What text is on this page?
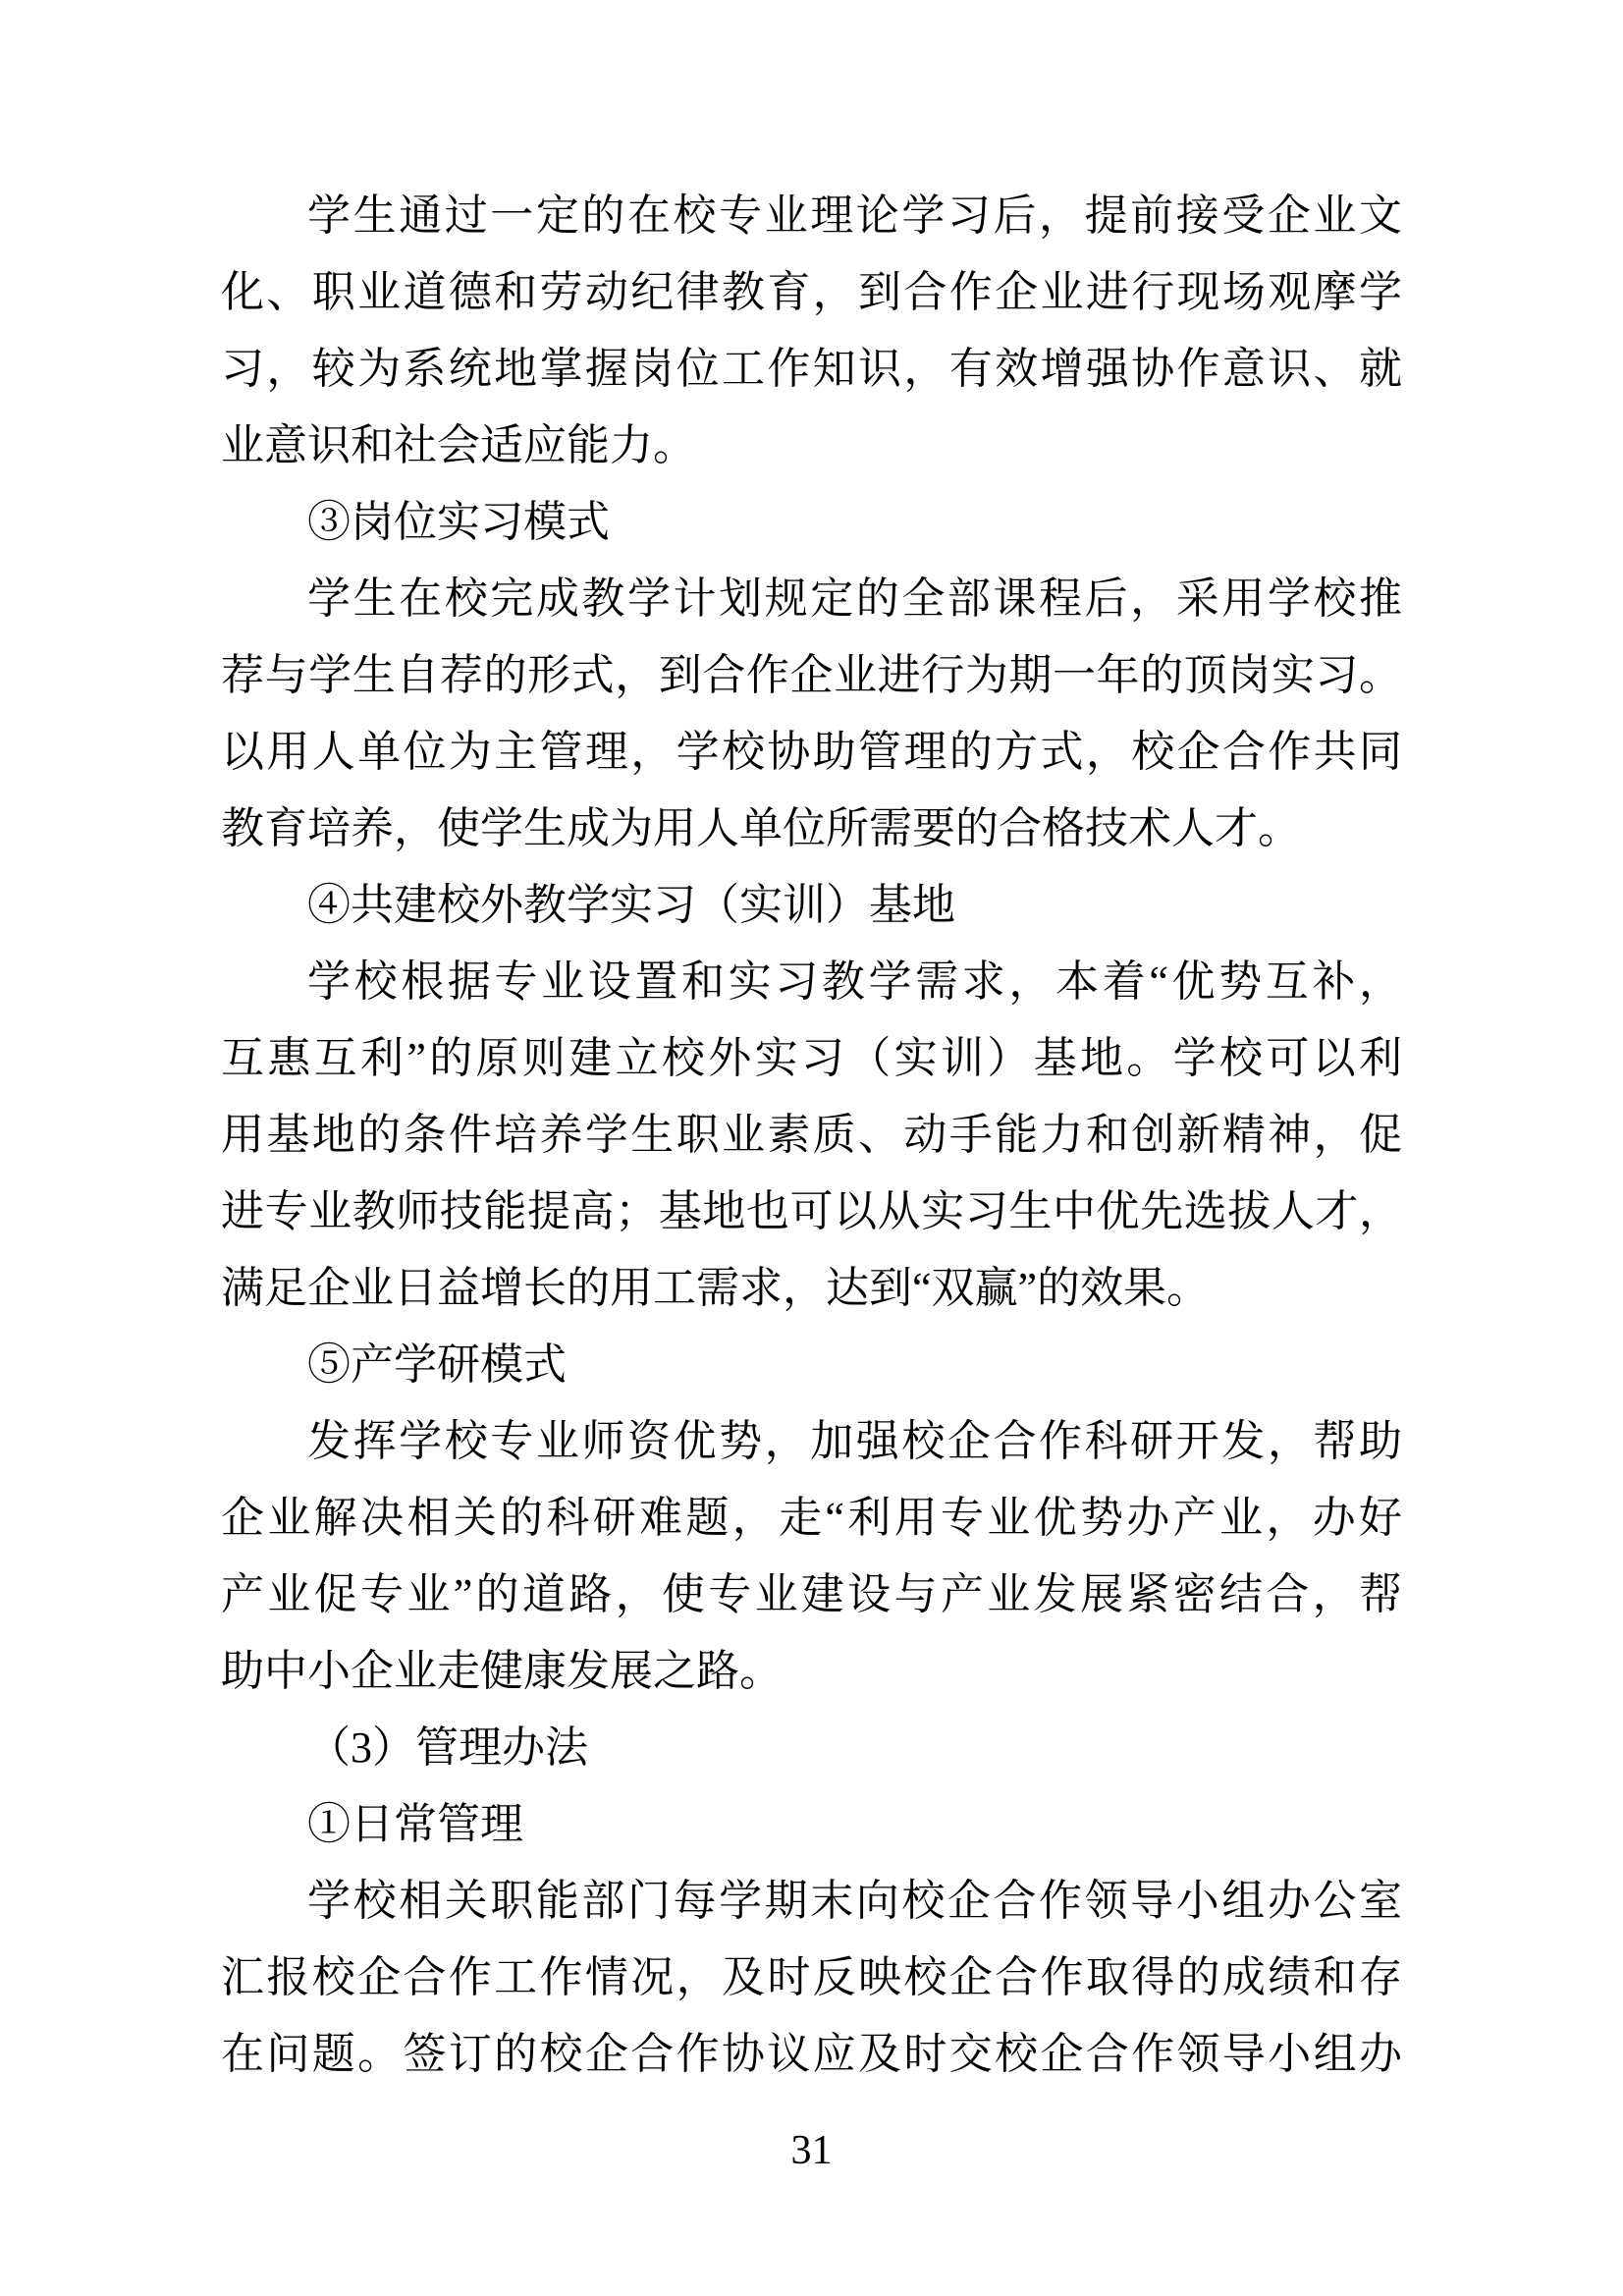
学生通过一定的在校专业理论学习后，提前接受企业文
化、职业道德和劳动纪律教育，到合作企业进行现场观摩学
习，较为系统地掌握岗位工作知识，有效增强协作意识、就
业意识和社会适应能力。
③岗位实习模式
学生在校完成教学计划规定的全部课程后，采用学校推
荐与学生自荐的形式，到合作企业进行为期一年的顶岗实习。
以用人单位为主管理，学校协助管理的方式，校企合作共同
教育培养，使学生成为用人单位所需要的合格技术人才。
④共建校外教学实习（实训）基地
学校根据专业设置和实习教学需求，本着“优势互补，
互惠互利”的原则建立校外实习（实训）基地。学校可以利
用基地的条件培养学生职业素质、动手能力和创新精神，促
进专业教师技能提高；基地也可以从实习生中优先选拔人才，
满足企业日益增长的用工需求，达到“双赢”的效果。
⑤产学研模式
发挥学校专业师资优势，加强校企合作科研开发，帮助
企业解决相关的科研难题，走“利用专业优势办产业，办好
产业促专业”的道路，使专业建设与产业发展紧密结合，帮
助中小企业走健康发展之路。
（3）管理办法
①日常管理
学校相关职能部门每学期末向校企合作领导小组办公室
汇报校企合作工作情况，及时反映校企合作取得的成绩和存
在问题。签订的校企合作协议应及时交校企合作领导小组办
31
